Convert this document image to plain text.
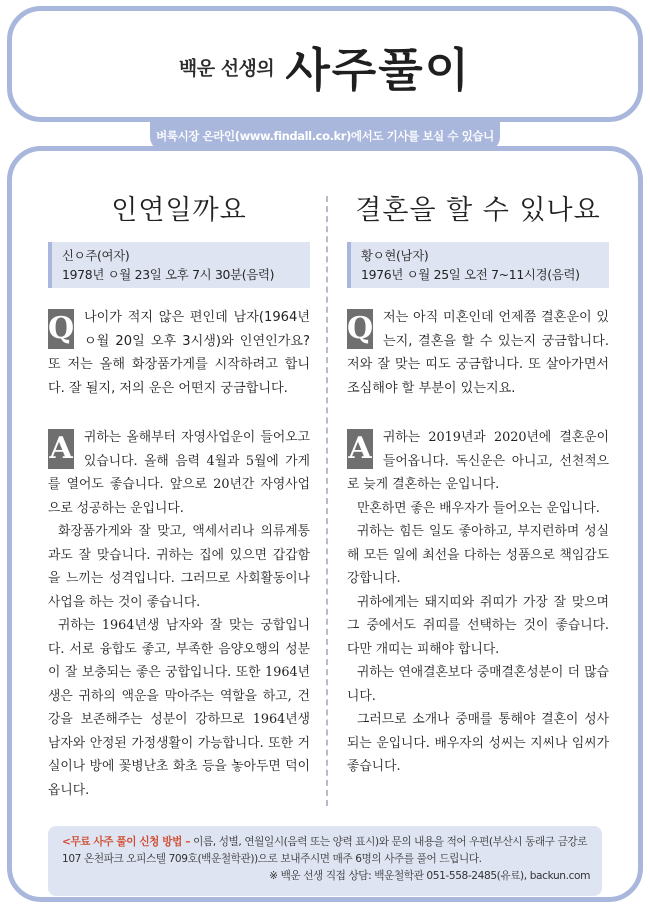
백운 선생의 사주풀이
벼룩시장 온라인(www.findall.co.kr)에서도 기사를 보실 수 있습니다.
인연일까요
신ㅇ주(여자)
1978년 ㅇ월 23일 오후 7시 30분(음력)
Q 나이가 적지 않은 편인데 남자(1964년 ㅇ월 20일 오후 3시생)와 인연인가요? 또 저는 올해 화장품가게를 시작하려고 합니다. 잘 될지, 저의 운은 어떤지 궁금합니다.

A 귀하는 올해부터 자영사업운이 들어오고 있습니다. 올해 음력 4월과 5월에 가게를 열어도 좋습니다. 앞으로 20년간 자영사업으로 성공하는 운입니다.

화장품가게와 잘 맞고, 액세서리나 의류계통과도 잘 맞습니다. 귀하는 집에 있으면 갑갑함을 느끼는 성격입니다. 그러므로 사회활동이나 사업을 하는 것이 좋습니다.

귀하는 1964년생 남자와 잘 맞는 궁합입니다. 서로 융합도 좋고, 부족한 음양오행의 성분이 잘 보충되는 좋은 궁합입니다. 또한 1964년생은 귀하의 액운을 막아주는 역할을 하고, 건강을 보존해주는 성분이 강하므로 1964년생 남자와 안정된 가정생활이 가능합니다. 또한 거실이나 방에 꽃병난초 화초 등을 놓아두면 덕이 옵니다.

결혼을 할 수 있나요
황ㅇ현(남자)
1976년 ㅇ월 25일 오전 7~11시경(음력)
Q 저는 아직 미혼인데 언제쯤 결혼운이 있는지, 결혼을 할 수 있는지 궁금합니다. 저와 잘 맞는 띠도 궁금합니다. 또 살아가면서 조심해야 할 부분이 있는지요.

A 귀하는 2019년과 2020년에 결혼운이 들어옵니다. 독신운은 아니고, 선천적으로 늦게 결혼하는 운입니다.

만혼하면 좋은 배우자가 들어오는 운입니다.

귀하는 힘든 일도 좋아하고, 부지런하며 성실해 모든 일에 최선을 다하는 성품으로 책임감도 강합니다.

귀하에게는 돼지띠와 쥐띠가 가장 잘 맞으며 그 중에서도 쥐띠를 선택하는 것이 좋습니다. 다만 개띠는 피해야 합니다.

귀하는 연애결혼보다 중매결혼성분이 더 많습니다.

그러므로 소개나 중매를 통해야 결혼이 성사되는 운입니다. 배우자의 성씨는 지씨나 임씨가 좋습니다.

<무료 사주 풀이 신청 방법 – 이름, 성별, 연월일시(음력 또는 양력 표시)와 문의 내용을 적어 우편(부산시 동래구 금강로 107 온천파크 오피스텔 709호(백운철학관))으로 보내주시면 매주 6명의 사주를 풀어 드립니다.
※ 백운 선생 직접 상담: 백운철학관 051-558-2485(유료), backun.com
